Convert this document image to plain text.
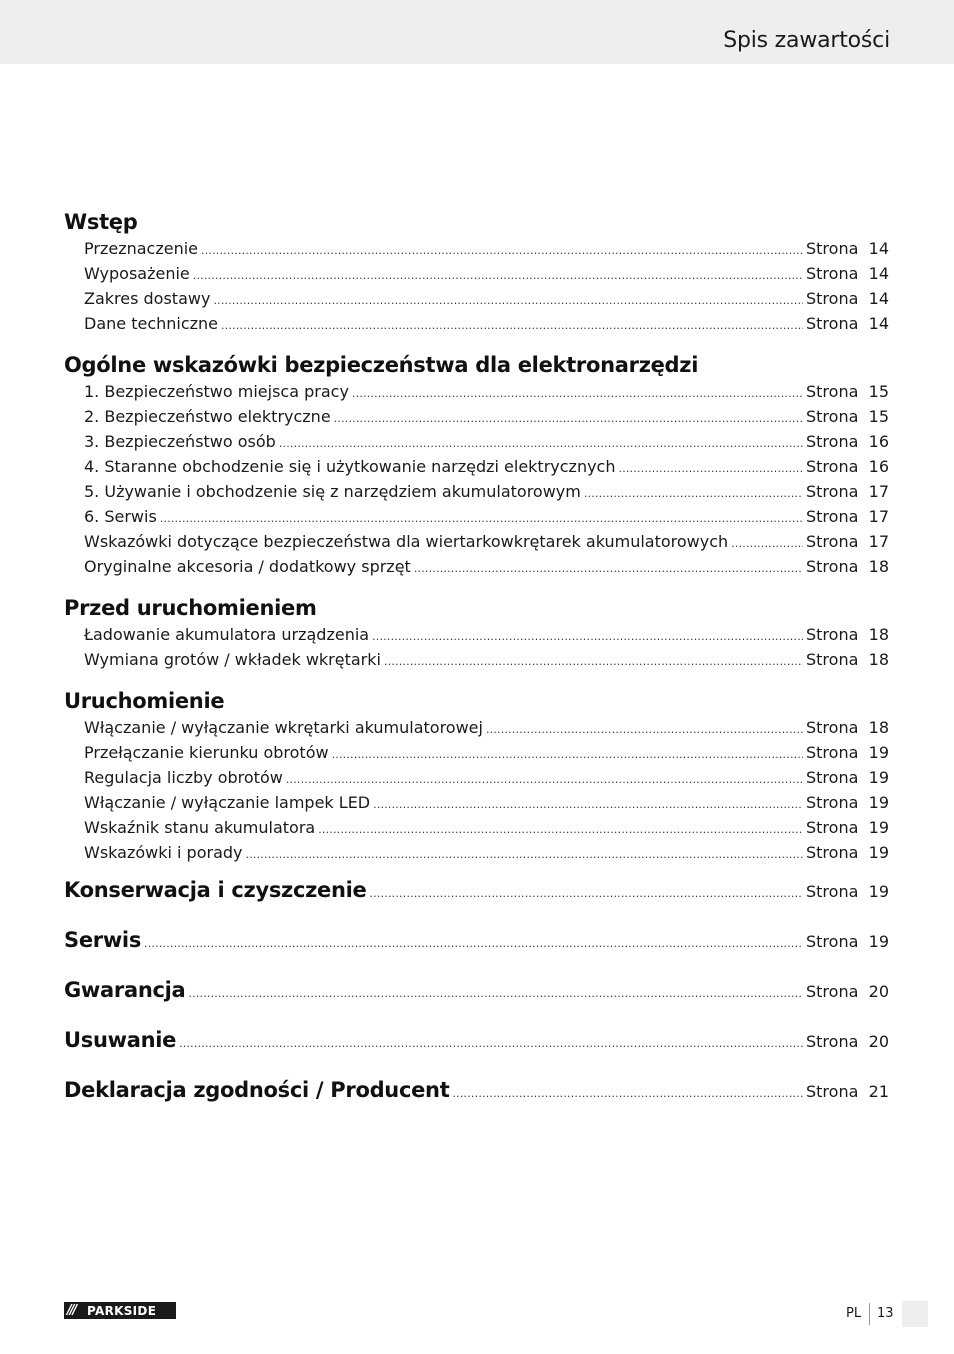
Spis zawartości
Wstęp
Przeznaczenie .....	Strona 14
Wyposażenie .....	Strona 14
Zakres dostawy .....	Strona 14
Dane techniczne .....	Strona 14
Ogólne wskazówki bezpieczeństwa dla elektronarzędzi
1. Bezpieczeństwo miejsca pracy .....	Strona 15
2. Bezpieczeństwo elektryczne .....	Strona 15
3. Bezpieczeństwo osób .....	Strona 16
4. Staranne obchodzenie się i użytkowanie narzędzi elektrycznych .....	Strona 16
5. Używanie i obchodzenie się z narzędziem akumulatorowym .....	Strona 17
6. Serwis .....	Strona 17
Wskazówki dotyczące bezpieczeństwa dla wiertarkowkrętarek akumulatorowych .....	Strona 17
Oryginalne akcesoria / dodatkowy sprzęt .....	Strona 18
Przed uruchomieniem
Ładowanie akumulatora urządzenia .....	Strona 18
Wymiana grotów / wkładek wkrętarki .....	Strona 18
Uruchomienie
Włączanie / wyłączanie wkrętarki akumulatorowej .....	Strona 18
Przełączanie kierunku obrotów .....	Strona 19
Regulacja liczby obrotów .....	Strona 19
Włączanie / wyłączanie lampek LED .....	Strona 19
Wskaźnik stanu akumulatora .....	Strona 19
Wskazówki i porady .....	Strona 19
Konserwacja i czyszczenie .....	Strona 19
Serwis .....	Strona 19
Gwarancja .....	Strona 20
Usuwanie .....	Strona 20
Deklaracja zgodności / Producent .....	Strona 21
/// PARKSIDE	PL 13
